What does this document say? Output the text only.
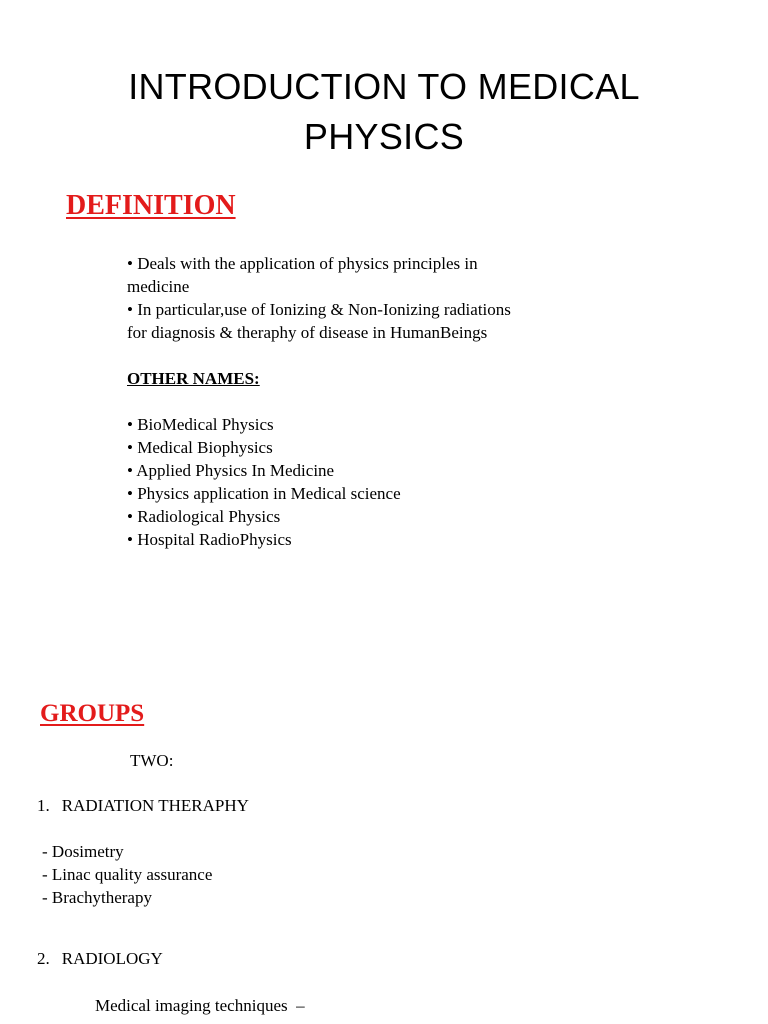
INTRODUCTION TO MEDICAL
PHYSICS
DEFINITION
• Deals with the application of physics principles in
medicine
• In particular,use of Ionizing & Non-Ionizing radiations
for diagnosis & theraphy of disease in HumanBeings
OTHER NAMES:
• BioMedical Physics
• Medical Biophysics
• Applied Physics In Medicine
• Physics application in Medical science
• Radiological Physics
• Hospital RadioPhysics
GROUPS
TWO:
1. RADIATION THERAPHY
- Dosimetry
- Linac quality assurance
- Brachytherapy
2. RADIOLOGY
Medical imaging techniques  –
